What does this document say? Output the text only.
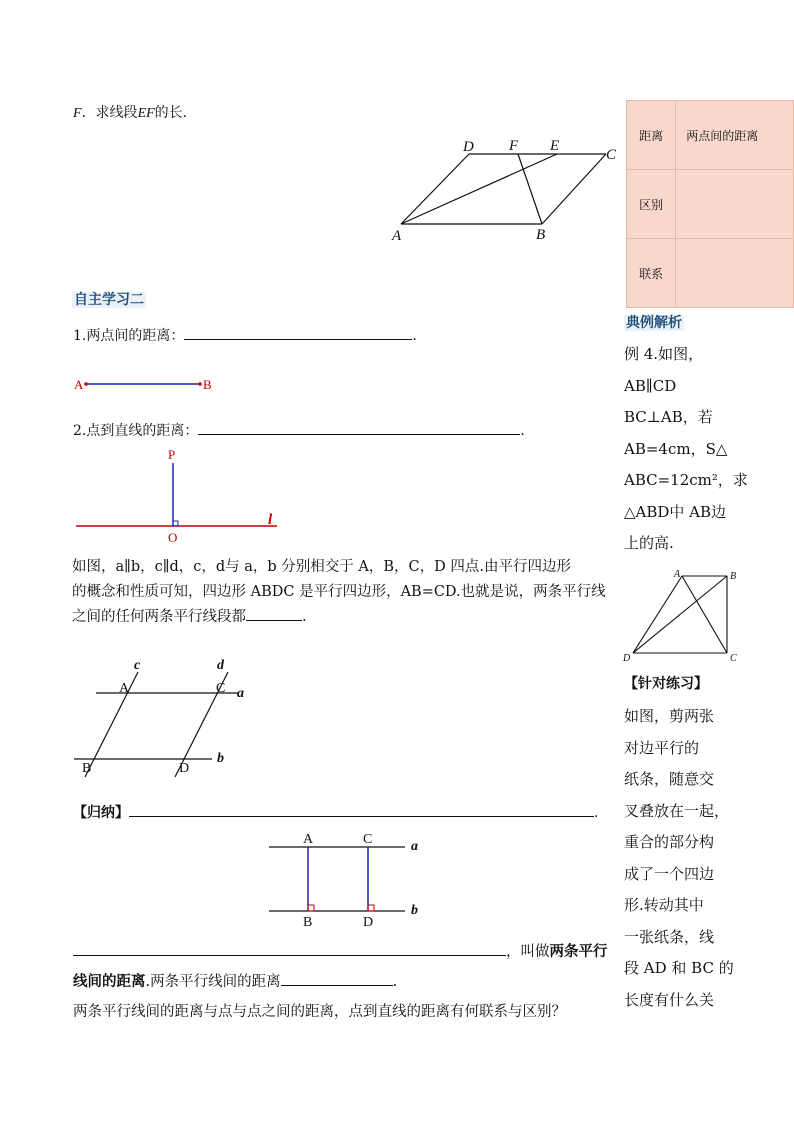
F．求线段EF的长.
D F E
C
A	B
自主学习二
1.两点间的距离：	.
A	B
2.点到直线的距离：	.
P
l
O
如图，a∥b，c∥d，c，d与 a，b 分别相交于 A，B，C，D 四点.由平行四边形
的概念和性质可知，四边形 ABDC 是平行四边形，AB=CD.也就是说，两条平行线
之间的任何两条平行线段都	.
c	d
A	C a
B	D
b
【归纳】	.
A	C	a
B	D
b
，叫做两条平行
线间的距离.两条平行线间的距离	.
两条平行线间的距离与点与点之间的距离，点到直线的距离有何联系与区别？
距离	两点间的距离
区别	
联系	
典例解析
例 4.如图，
AB∥CD
BC⊥AB，若
AB=4cm，S△
ABC=12cm²，求
△ABD中 AB边
上的高.
A	B
D	C
【针对练习】
如图，剪两张
对边平行的
纸条，随意交
叉叠放在一起，
重合的部分构
成了一个四边
形.转动其中
一张纸条，线
段 AD 和 BC 的
长度有什么关
